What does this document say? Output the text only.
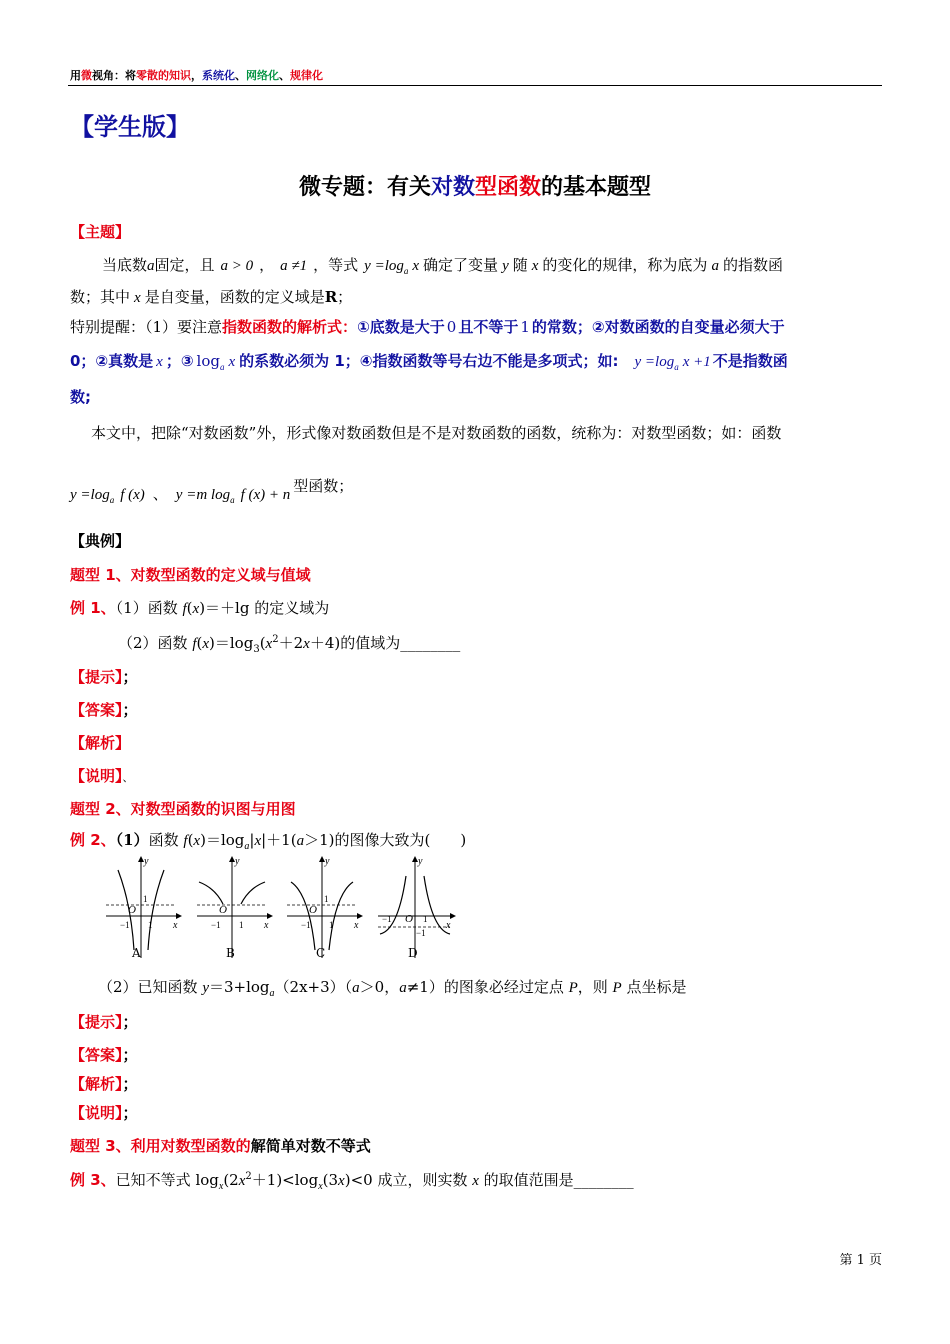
用微视角：将零散的知识，系统化、网络化、规律化
【学生版】
微专题：有关对数型函数的基本题型
【主题】
当底数a固定，且 a > 0 ， a ≠1 ，等式 $y =\log_a$ x 确定了变量 y 随 x 的变化的规律，称为底为 a 的指数函
数；其中 x 是自变量，函数的定义域是R；
特别提醒：（1）要注意指数函数的解析式：①底数是大于 0 且不等于 1 的常数；②对数函数的自变量必须大于
0；②真数是 x ；③ $\log_a x$ 的系数必须为 1；④指数函数等号右边不能是多项式；如: $y =\log_a$ x +1 不是指数函
数;
本文中，把除“对数函数”外，形式像对数函数但是不是对数函数的函数，统称为：对数型函数；如：函数
$y =\log_a$ f (x) 、 y =m $\log_a f$ (x) + n 型函数；
【典例】
题型 1、对数型函数的定义域与值域
例 1、（1）函数 f(x)＝＋lg 的定义域为
（2）函数 $f(x)=\log_3(x^2+2x+4)$的值域为________
【提示】；
【答案】；
【解析】
【说明】、
题型 2、对数型函数的识图与用图
例 2、（1）函数 $f(x)=\log_a|x|+1(a>1)$的图像大致为(　　)
y
x
O
1
−1 1
A
y
x
O
−1 1
B
y
x
O
1
−1 1
C
y
x
O
−1	1
−1
D
（2）已知函数 $y=3+\log_a(2x+3)(a>0$，a≠1）的图象必经过定点 P，则 P 点坐标是
【提示】；
【答案】；
【解析】；
【说明】；
题型 3、利用对数型函数的解简单对数不等式
例 3、已知不等式 $\log_x(2x^2+1)<\log_x(3x)<0$ 成立，则实数 x 的取值范围是________
第 1 页
